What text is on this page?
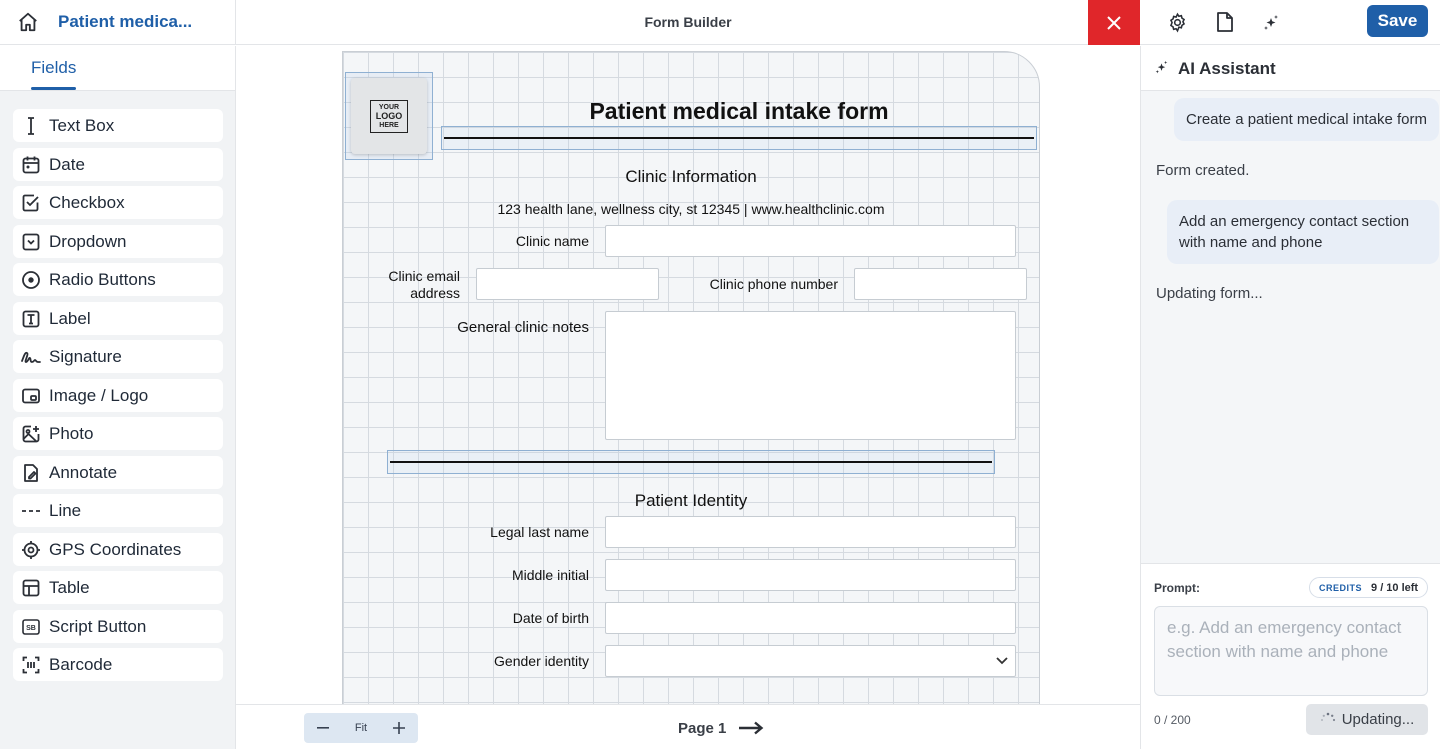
Patient medica...	Form Builder	Save
Fields
Text Box
Date
Checkbox
Dropdown
Radio Buttons
Label
Signature
Image / Logo
Photo
Annotate
Line
GPS Coordinates
Table
SB Script Button
Barcode
YOUR
LOGO
HERE
Patient medical intake form
Clinic Information
123 health lane, wellness city, st 12345 | www.healthclinic.com
Clinic name
Clinic email
address
Clinic phone number
General clinic notes
Patient Identity
Legal last name
Middle initial
Date of birth
Gender identity
Fit	Page 1
AI Assistant
Create a patient medical intake form
Form created.
Add an emergency contact section with name and phone
Updating form...
Prompt:	CREDITS 9 / 10 left
e.g. Add an emergency contact section with name and phone
0 / 200	Updating...
